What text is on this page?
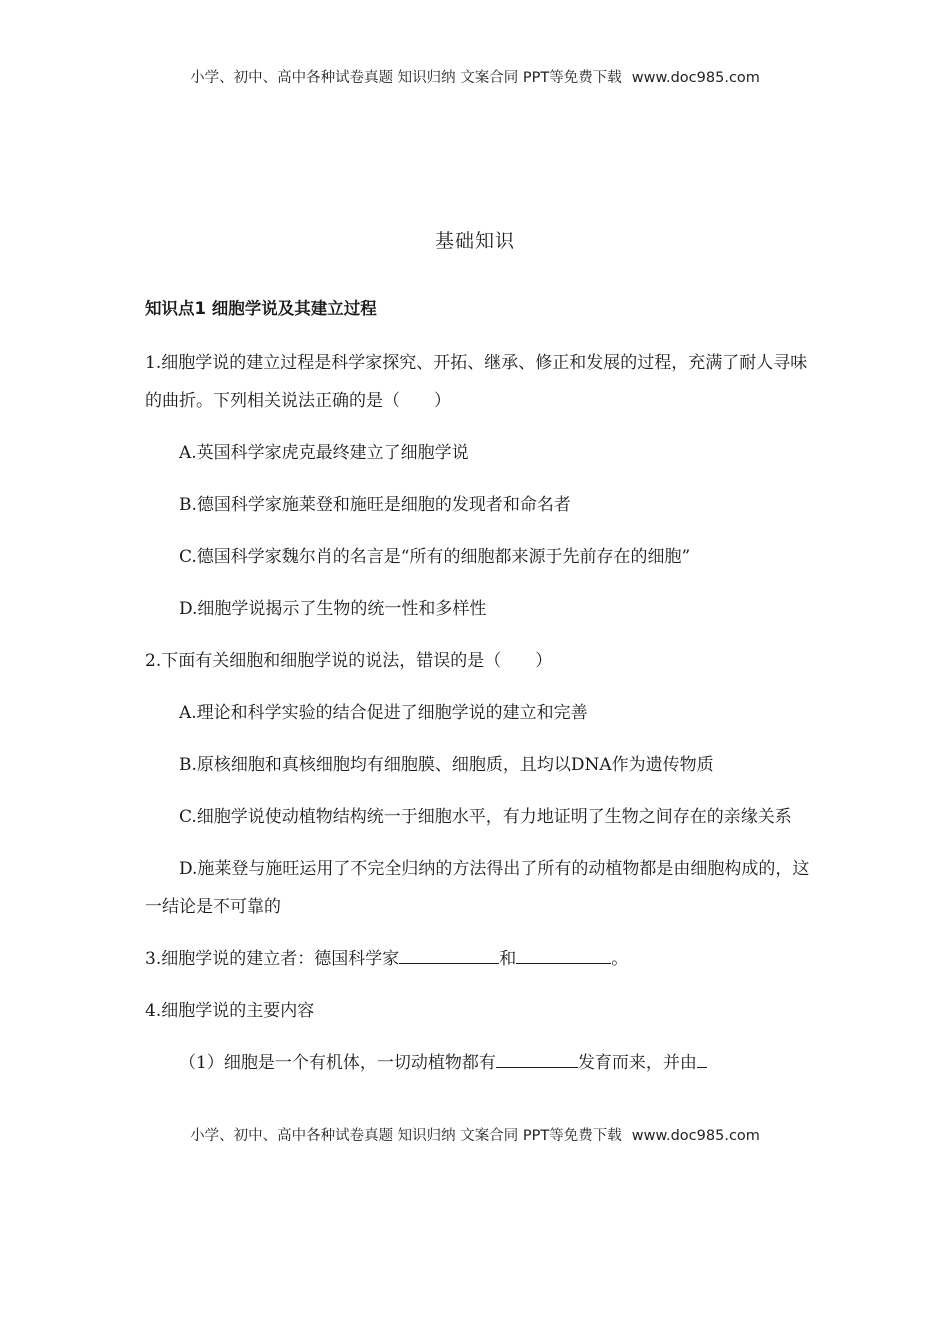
小学、初中、高中各种试卷真题 知识归纳 文案合同 PPT等免费下载 www.doc985.com
基础知识
知识点1 细胞学说及其建立过程
1.细胞学说的建立过程是科学家探究、开拓、继承、修正和发展的过程，充满了耐人寻味的曲折。下列相关说法正确的是（　　）
A.英国科学家虎克最终建立了细胞学说
B.德国科学家施莱登和施旺是细胞的发现者和命名者
C.德国科学家魏尔肖的名言是“所有的细胞都来源于先前存在的细胞”
D.细胞学说揭示了生物的统一性和多样性
2.下面有关细胞和细胞学说的说法，错误的是（　　）
A.理论和科学实验的结合促进了细胞学说的建立和完善
B.原核细胞和真核细胞均有细胞膜、细胞质，且均以DNA作为遗传物质
C.细胞学说使动植物结构统一于细胞水平，有力地证明了生物之间存在的亲缘关系
D.施莱登与施旺运用了不完全归纳的方法得出了所有的动植物都是由细胞构成的，这一结论是不可靠的
3.细胞学说的建立者：德国科学家	和	。
4.细胞学说的主要内容
（1）细胞是一个有机体，一切动植物都有	发育而来，并由
小学、初中、高中各种试卷真题 知识归纳 文案合同 PPT等免费下载 www.doc985.com
